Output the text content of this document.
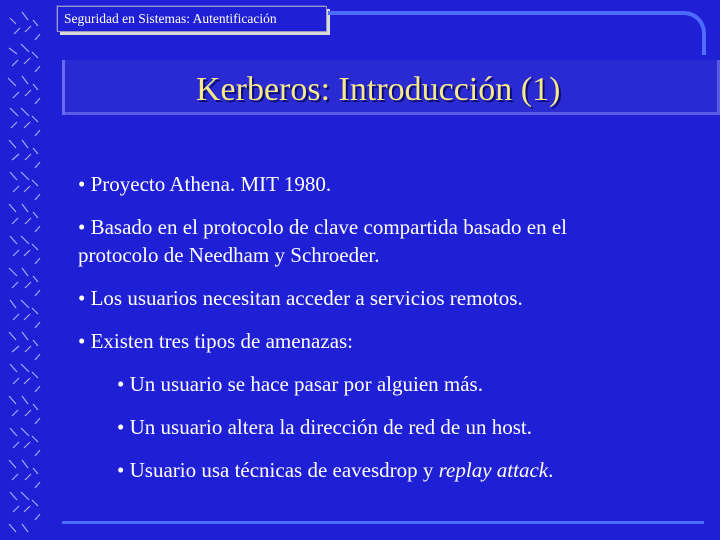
Seguridad en Sistemas: Autentificación
Kerberos: Introducción (1)
• Proyecto Athena. MIT 1980.
• Basado en el protocolo de clave compartida basado en el
protocolo de Needham y Schroeder.
• Los usuarios necesitan acceder a servicios remotos.
• Existen tres tipos de amenazas:
• Un usuario se hace pasar por alguien más.
• Un usuario altera la dirección de red de un host.
• Usuario usa técnicas de eavesdrop y replay attack.
